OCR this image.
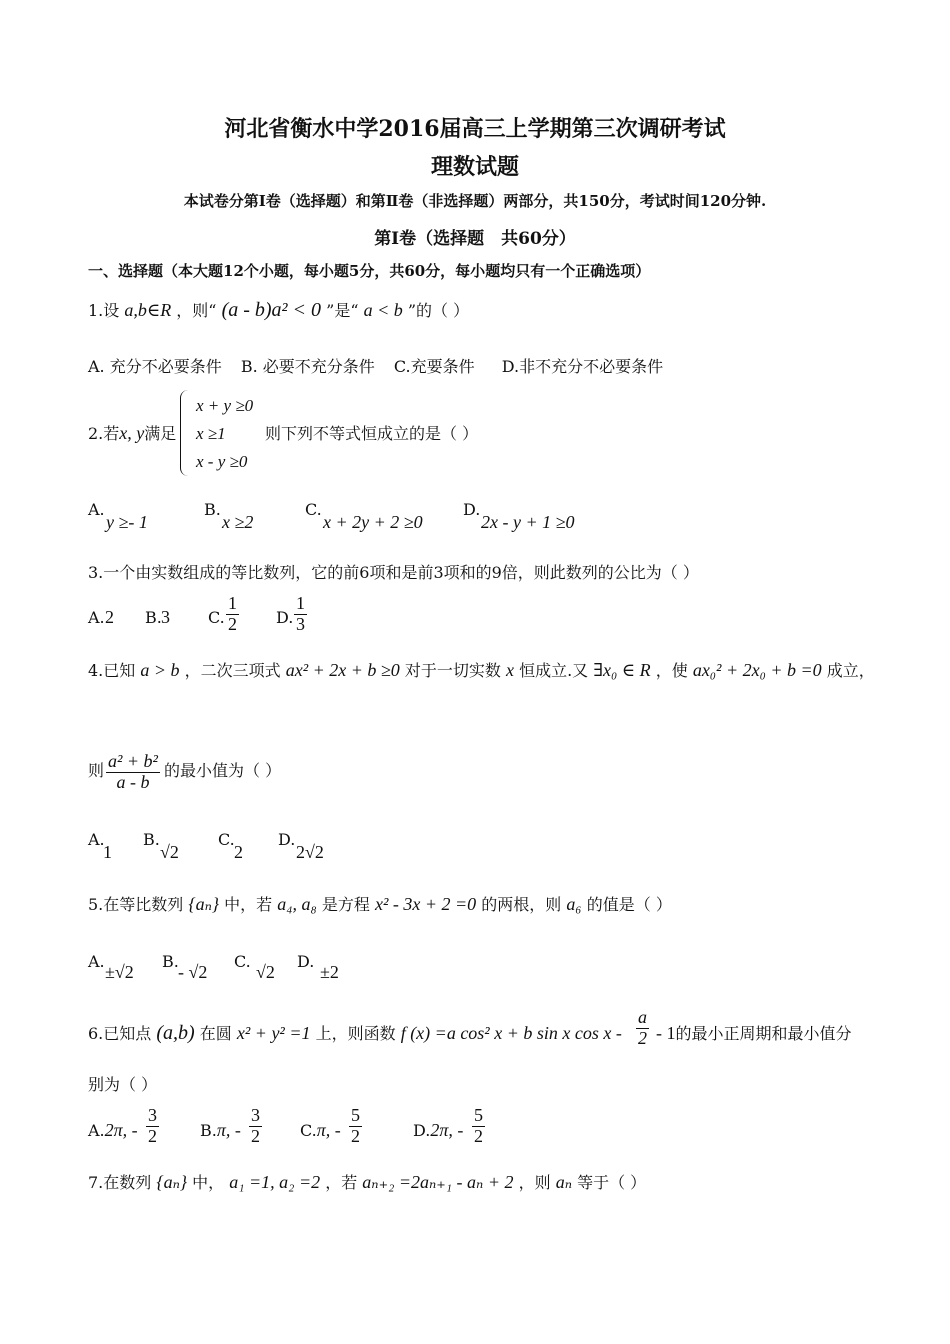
河北省衡水中学2016届高三上学期第三次调研考试
理数试题
本试卷分第Ⅰ卷（选择题）和第Ⅱ卷（非选择题）两部分，共150分，考试时间120分钟.
第Ⅰ卷（选择题　共60分）
一、选择题（本大题12个小题，每小题5分，共60分，每小题均只有一个正确选项）
1.设 a,b∈R ，则“ (a - b)a² < 0 ”是“ a < b ”的（ ）
A. 充分不必要条件 B. 必要不充分条件 C.充要条件 D.非不充分不必要条件
2.若x, y满足
x + y ≥0
x ≥1
x - y ≥0
则下列不等式恒成立的是（ ）
A.
y ≥- 1
B.
x ≥2
C.
x + 2y + 2 ≥0
D.
2x - y + 1 ≥0
3.一个由实数组成的等比数列，它的前6项和是前3项和的9倍，则此数列的公比为（ ）
A. 2 B. 3 C. $\frac{1}{2} D$. $\frac{1}{3}$
4.已知 a > b ，二次三项式 ax² + 2x + b ≥0 对于一切实数 x 恒成立.又 ∃x₀ ∈ R ，使 ax₀² + 2x₀ + b =0 成立，
则 $\frac{\text{a² + b²}}{a - b}$ 的最小值为（ ）
A.
1
B.
√2
C.
2
D.
2√2
5.在等比数列 {aₙ} 中，若 a₄, a₈ 是方程 x² - 3x + 2 =0 的两根，则 a₆ 的值是（ ）
A.
±√2
B.
- √2
C.
√2
D.
±2
6.已知点 (a,b) 在圆 x² + y² =1 上，则函数 f (x) =a cos² x + b sin x cos x - $\frac{a}{2} - 1$的最小正周期和最小值分
别为（ ）
A.2π, - $\frac{3}{2}$	B.π, - $\frac{3}{2} C.\pi$, - $\frac{5}{2}$	D.2π, - $\frac{5}{2}$
7.在数列 {aₙ} 中， a₁ =1, a₂ =2 ，若 aₙ₊₂ =2aₙ₊₁ - aₙ + 2 ，则 aₙ 等于（ ）
